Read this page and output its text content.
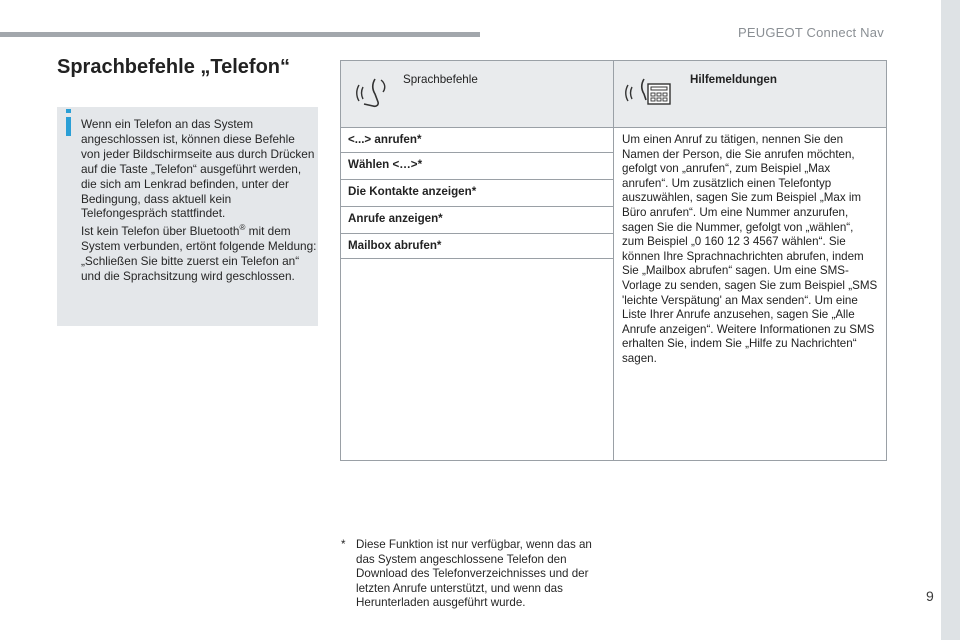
PEUGEOT Connect Nav
Sprachbefehle „Telefon“

Wenn ein Telefon an das System angeschlossen ist, können diese Befehle von jeder Bildschirmseite aus durch Drücken auf die Taste „Telefon“ ausgeführt werden, die sich am Lenkrad befinden, unter der Bedingung, dass aktuell kein Telefongespräch stattfindet.

Ist kein Telefon über Bluetooth® mit dem System verbunden, ertönt folgende Meldung: „Schließen Sie bitte zuerst ein Telefon an“ und die Sprachsitzung wird geschlossen.

Sprachbefehle	Hilfemeldungen

<...> anrufen*	Um einen Anruf zu tätigen, nennen Sie den Namen der Person, die Sie anrufen möchten, gefolgt von „anrufen“, zum Beispiel „Max anrufen“. Um zusätzlich einen Telefontyp auszuwählen, sagen Sie zum Beispiel „Max im Büro anrufen“. Um eine Nummer anzurufen, sagen Sie die Nummer, gefolgt von „wählen“, zum Beispiel „0 160 12 3 4567 wählen“. Sie können Ihre Sprachnachrichten abrufen, indem Sie „Mailbox abrufen“ sagen. Um eine SMS-Vorlage zu senden, sagen Sie zum Beispiel „SMS 'leichte Verspätung' an Max senden“. Um eine Liste Ihrer Anrufe anzusehen, sagen Sie „Alle Anrufe anzeigen“. Weitere Informationen zu SMS erhalten Sie, indem Sie „Hilfe zu Nachrichten“ sagen.
Wählen <…>*	
Die Kontakte anzeigen*	
Anrufe anzeigen*	
Mailbox abrufen*	

* Diese Funktion ist nur verfügbar, wenn das an das System angeschlossene Telefon den Download des Telefonverzeichnisses und der letzten Anrufe unterstützt, und wenn das Herunterladen ausgeführt wurde.	9
